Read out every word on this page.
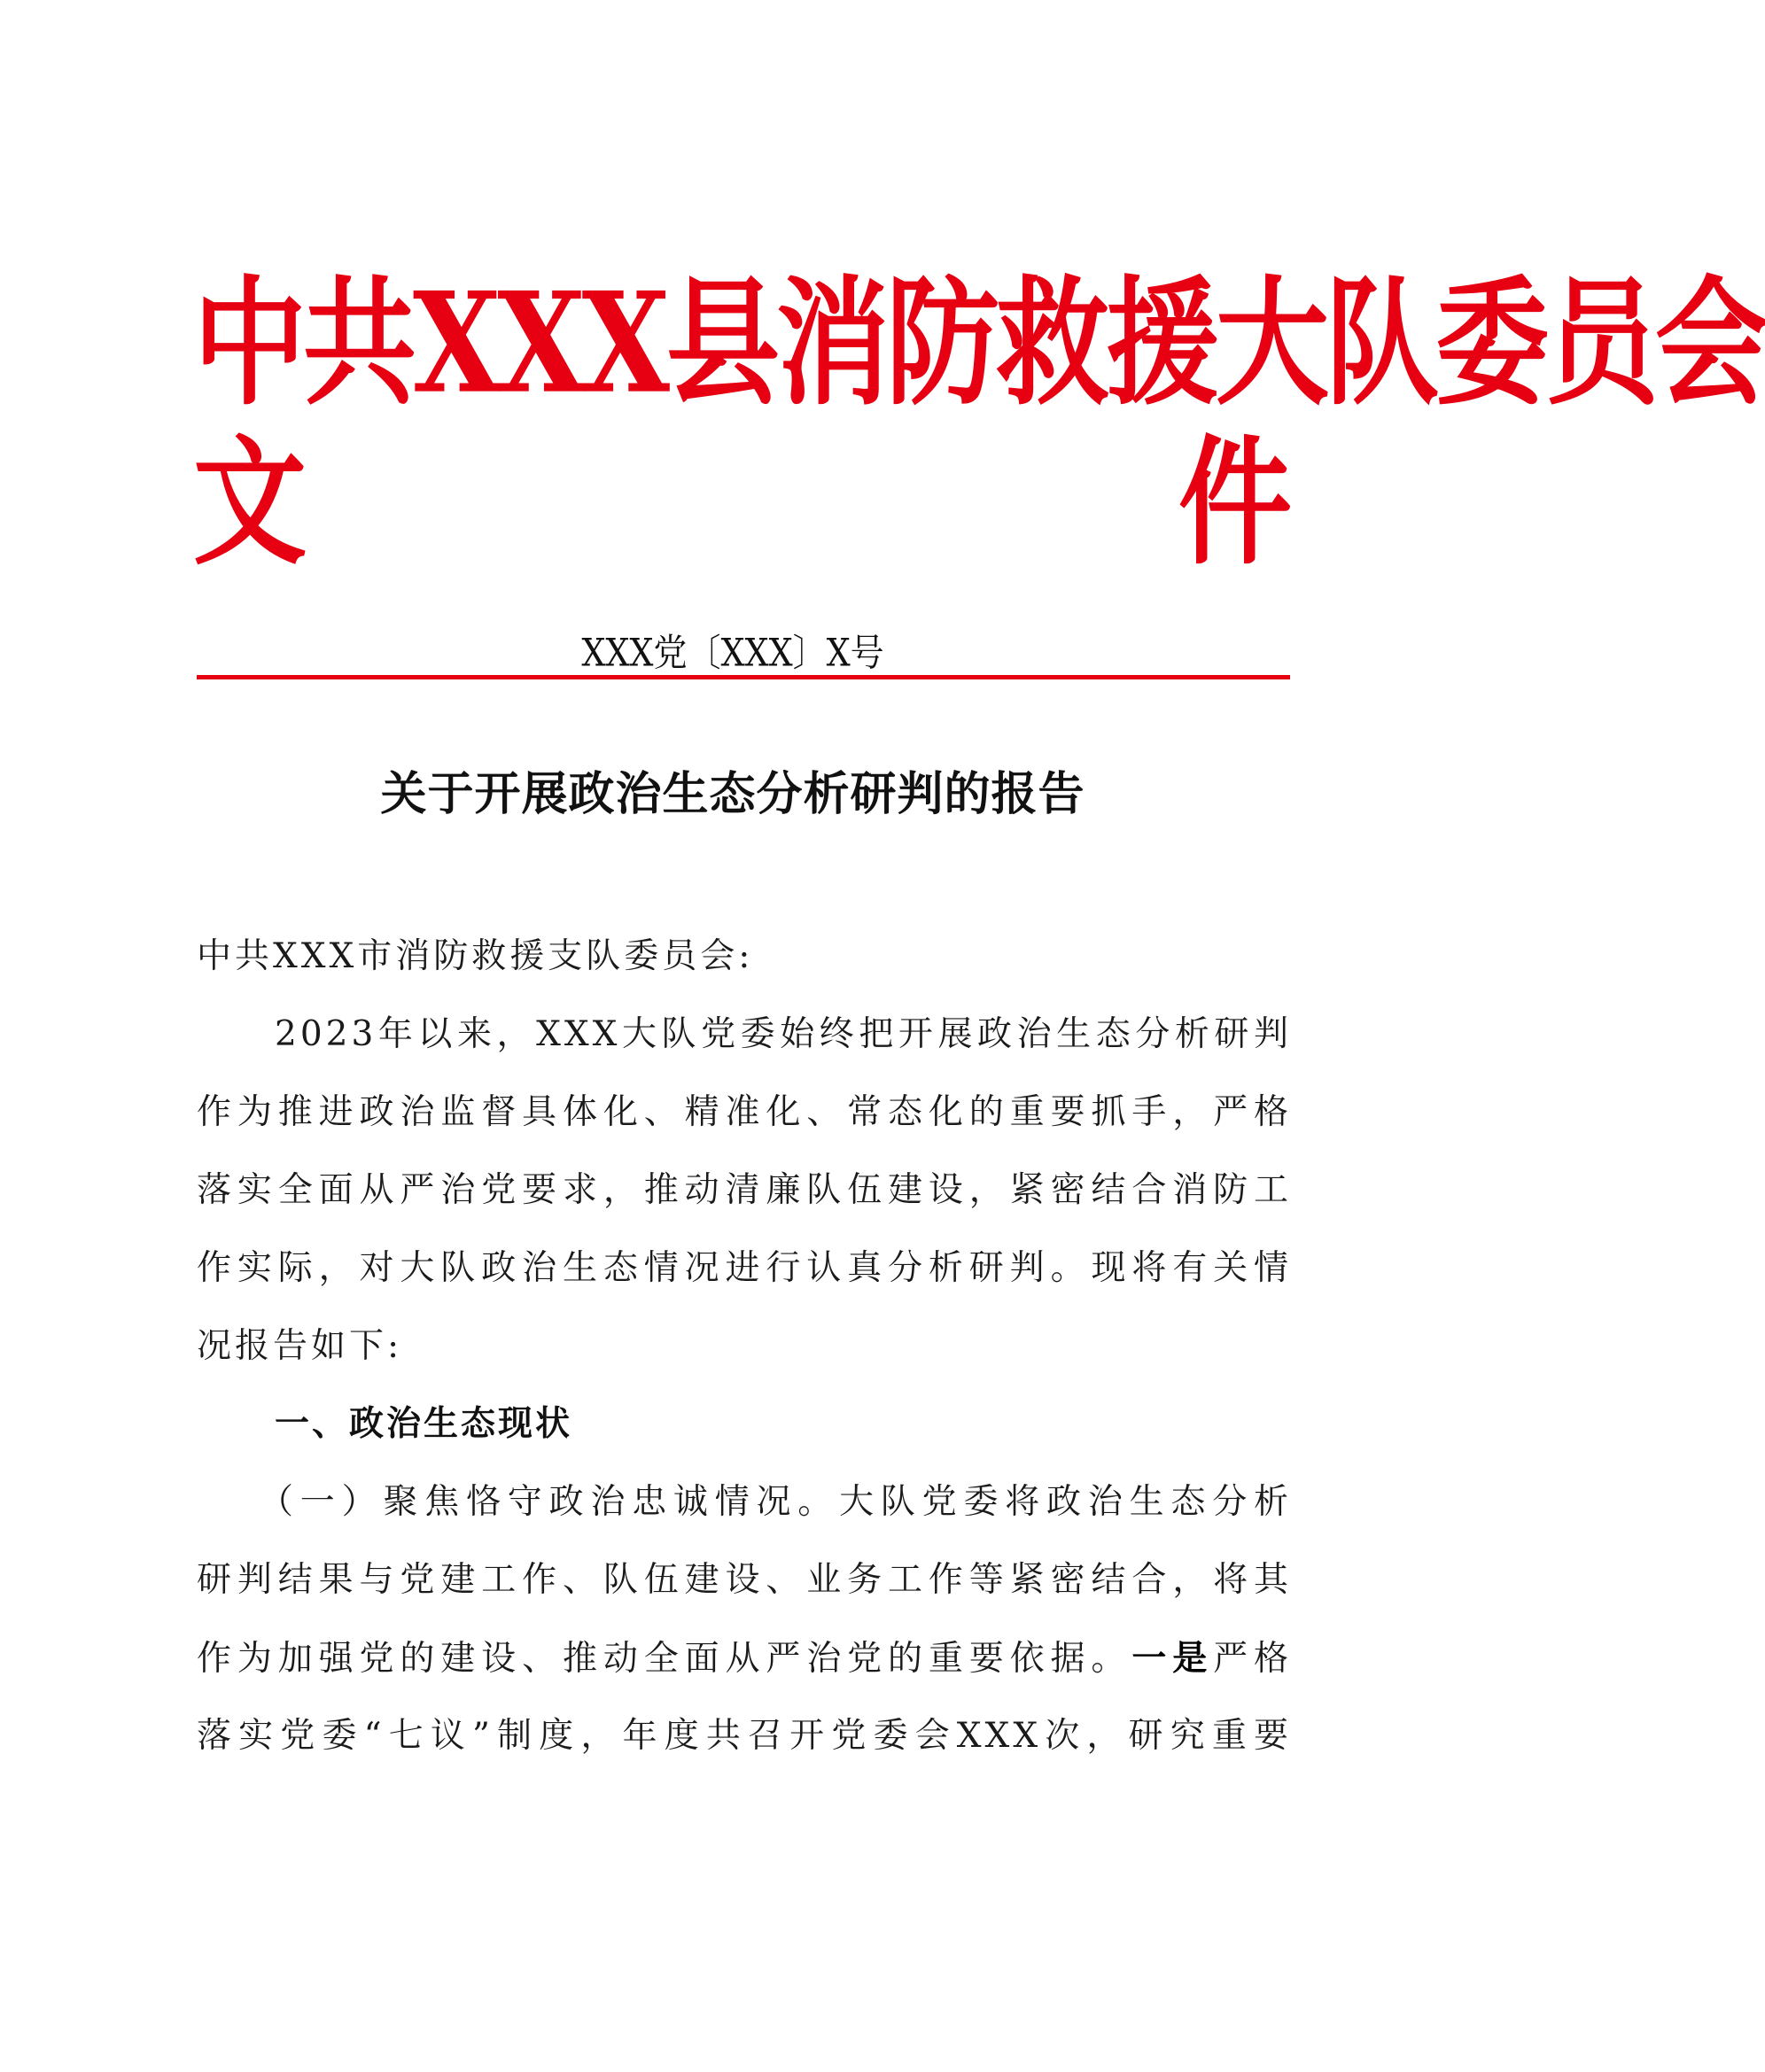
中共 XXX 县消防救援大队委员会
文	件
XXX党〔XXX〕X号
关于开展政治生态分析研判的报告
中共XXX市消防救援支队委员会:
2023年以来，XXX大队党委始终把开展政治生态分析研判
作为推进政治监督具体化、精准化、常态化的重要抓手，严格
落实全面从严治党要求，推动清廉队伍建设，紧密结合消防工
作实际，对大队政治生态情况进行认真分析研判。现将有关情
况报告如下:
一、政治生态现状
（一）聚焦恪守政治忠诚情况。大队党委将政治生态分析
研判结果与党建工作、队伍建设、业务工作等紧密结合，将其
作为加强党的建设、推动全面从严治党的重要依据。一是严格
落实党委“七议”制度，年度共召开党委会XXX次，研究重要
